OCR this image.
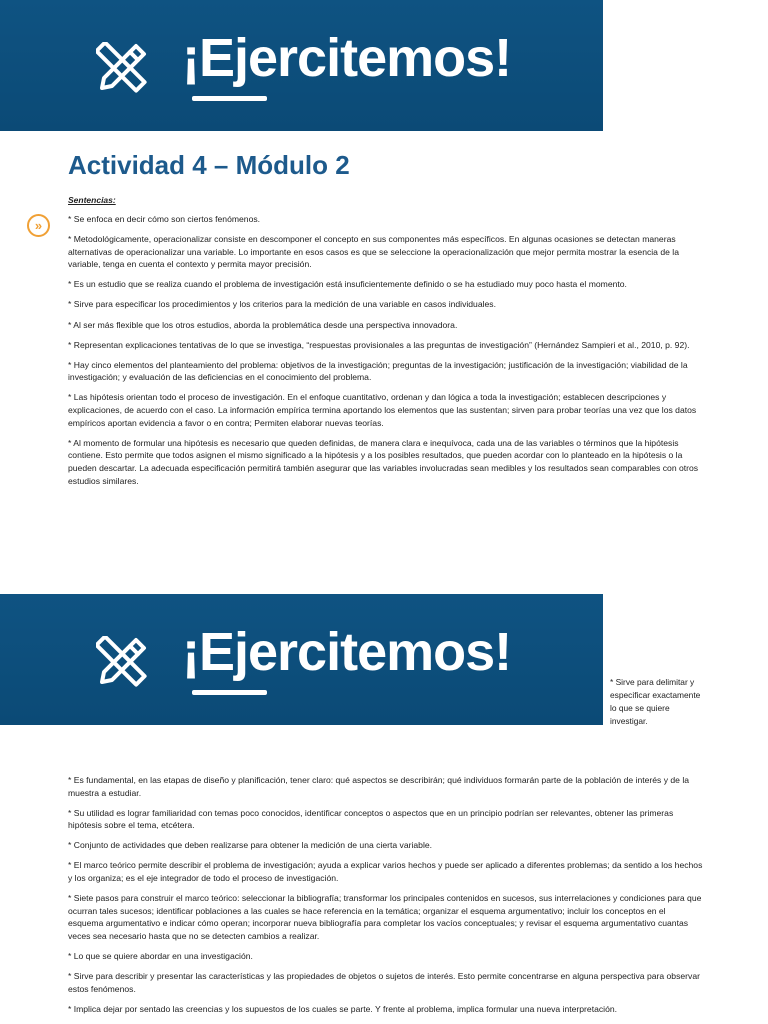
¡Ejercitemos!
Actividad 4 – Módulo 2
»
Sentencias:

* Se enfoca en decir cómo son ciertos fenómenos.

* Metodológicamente, operacionalizar consiste en descomponer el concepto en sus componentes más específicos. En algunas ocasiones se detectan maneras alternativas de operacionalizar una variable. Lo importante en esos casos es que se seleccione la operacionalización que mejor permita mostrar la esencia de la variable, tenga en cuenta el contexto y permita mayor precisión.

* Es un estudio que se realiza cuando el problema de investigación está insuficientemente definido o se ha estudiado muy poco hasta el momento.

* Sirve para especificar los procedimientos y los criterios para la medición de una variable en casos individuales.

* Al ser más flexible que los otros estudios, aborda la problemática desde una perspectiva innovadora.

* Representan explicaciones tentativas de lo que se investiga, “respuestas provisionales a las preguntas de investigación” (Hernández Sampieri et al., 2010, p. 92).

* Hay cinco elementos del planteamiento del problema: objetivos de la investigación; preguntas de la investigación; justificación de la investigación; viabilidad de la investigación; y evaluación de las deficiencias en el conocimiento del problema.

* Las hipótesis orientan todo el proceso de investigación. En el enfoque cuantitativo, ordenan y dan lógica a toda la investigación; establecen descripciones y explicaciones, de acuerdo con el caso. La información empírica termina aportando los elementos que las sustentan; sirven para probar teorías una vez que los datos empíricos aportan evidencia a favor o en contra; Permiten elaborar nuevas teorías.

* Al momento de formular una hipótesis es necesario que queden definidas, de manera clara e inequívoca, cada una de las variables o términos que la hipótesis contiene. Esto permite que todos asignen el mismo significado a la hipótesis y a los posibles resultados, que pueden acordar con lo planteado en la hipótesis o la pueden descartar. La adecuada especificación permitirá también asegurar que las variables involucradas sean medibles y los resultados sean comparables con otros estudios similares.

¡Ejercitemos!	* Sirve para delimitar y especificar exactamente lo que se quiere investigar.

* Es fundamental, en las etapas de diseño y planificación, tener claro: qué aspectos se describirán; qué individuos formarán parte de la población de interés y de la muestra a estudiar.

* Su utilidad es lograr familiaridad con temas poco conocidos, identificar conceptos o aspectos que en un principio podrían ser relevantes, obtener las primeras hipótesis sobre el tema, etcétera.

* Conjunto de actividades que deben realizarse para obtener la medición de una cierta variable.

* El marco teórico permite describir el problema de investigación; ayuda a explicar varios hechos y puede ser aplicado a diferentes problemas; da sentido a los hechos y los organiza; es el eje integrador de todo el proceso de investigación.

* Siete pasos para construir el marco teórico: seleccionar la bibliografía; transformar los principales contenidos en sucesos, sus interrelaciones y condiciones para que ocurran tales sucesos; identificar poblaciones a las cuales se hace referencia en la temática; organizar el esquema argumentativo; incluir los conceptos en el esquema argumentativo e indicar cómo operan; incorporar nueva bibliografía para completar los vacíos conceptuales; y revisar el esquema argumentativo cuantas veces sea necesario hasta que no se detecten cambios a realizar.

* Lo que se quiere abordar en una investigación.

* Sirve para describir y presentar las características y las propiedades de objetos o sujetos de interés. Esto permite concentrarse en alguna perspectiva para observar estos fenómenos.

* Implica dejar por sentado las creencias y los supuestos de los cuales se parte. Y frente al problema, implica formular una nueva interpretación.
